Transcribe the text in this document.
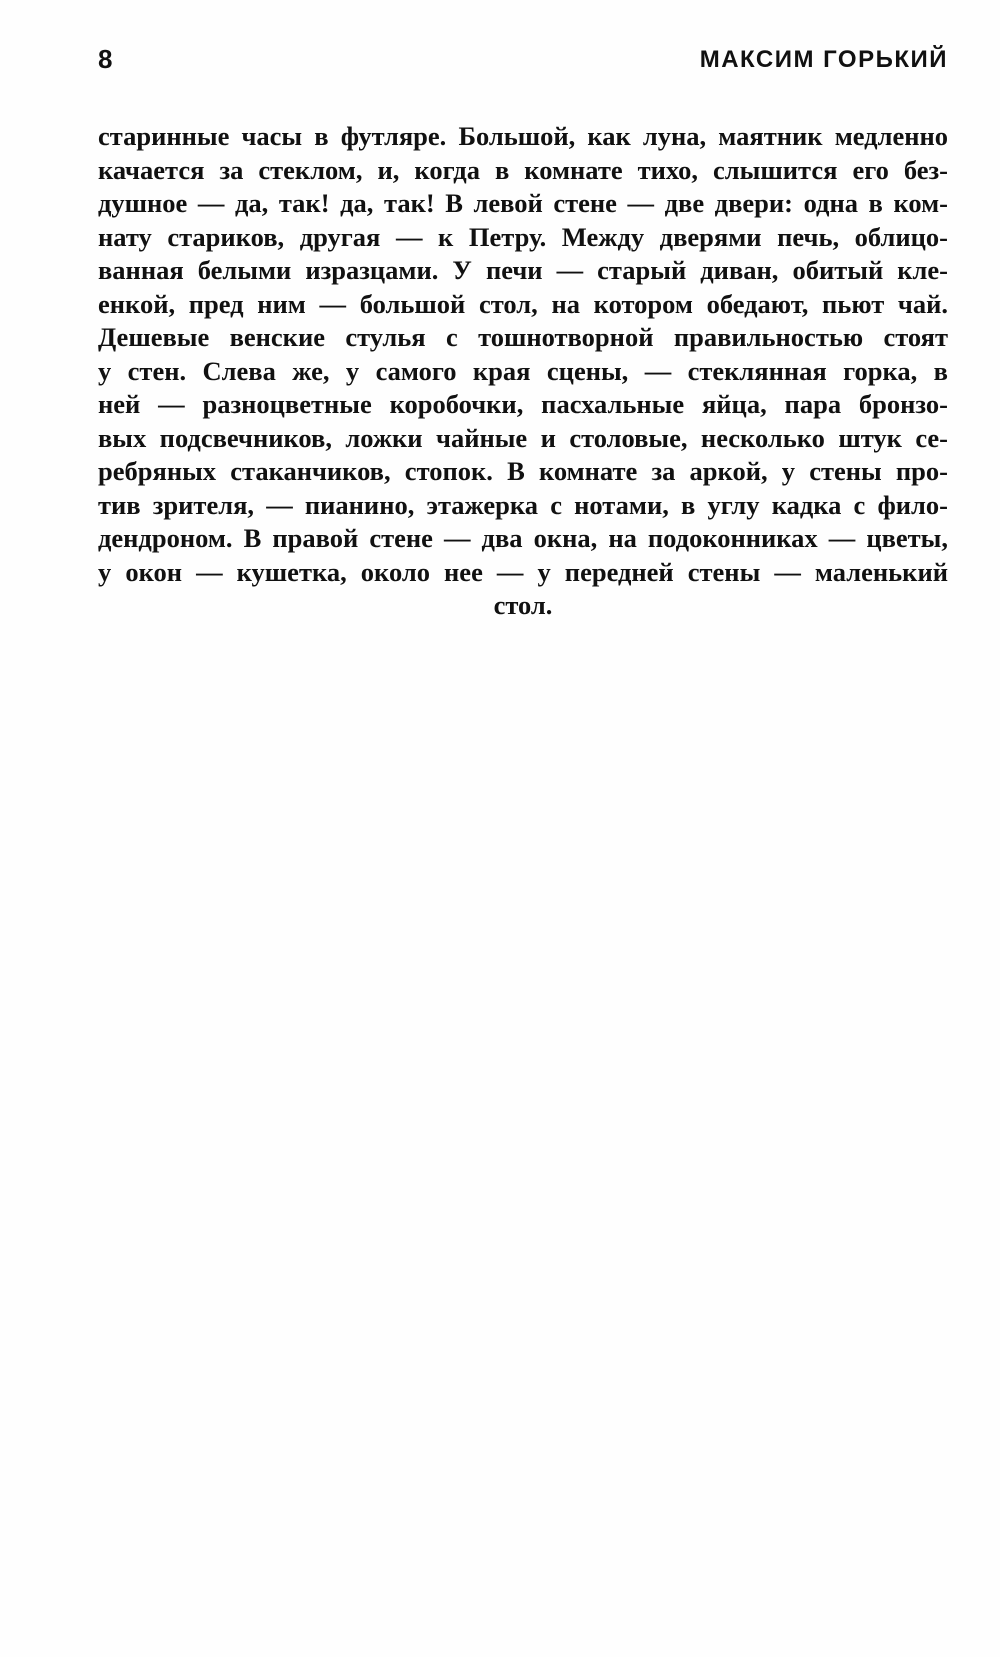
8	МАКСИМ ГОРЬКИЙ
старинные часы в футляре. Большой, как луна, маятник медленно
качается за стеклом, и, когда в комнате тихо, слышится его без-
душное — да, так! да, так! В левой стене — две двери: одна в ком-
нату стариков, другая — к Петру. Между дверями печь, облицо-
ванная белыми изразцами. У печи — старый диван, обитый кле-
енкой, пред ним — большой стол, на котором обедают, пьют чай.
Дешевые венские стулья с тошнотворной правильностью стоят
у стен. Слева же, у самого края сцены, — стеклянная горка, в
ней — разноцветные коробочки, пасхальные яйца, пара бронзо-
вых подсвечников, ложки чайные и столовые, несколько штук се-
ребряных стаканчиков, стопок. В комнате за аркой, у стены про-
тив зрителя, — пианино, этажерка с нотами, в углу кадка с фило-
дендроном. В правой стене — два окна, на подоконниках — цветы,
у окон — кушетка, около нее — у передней стены — маленький
стол.
